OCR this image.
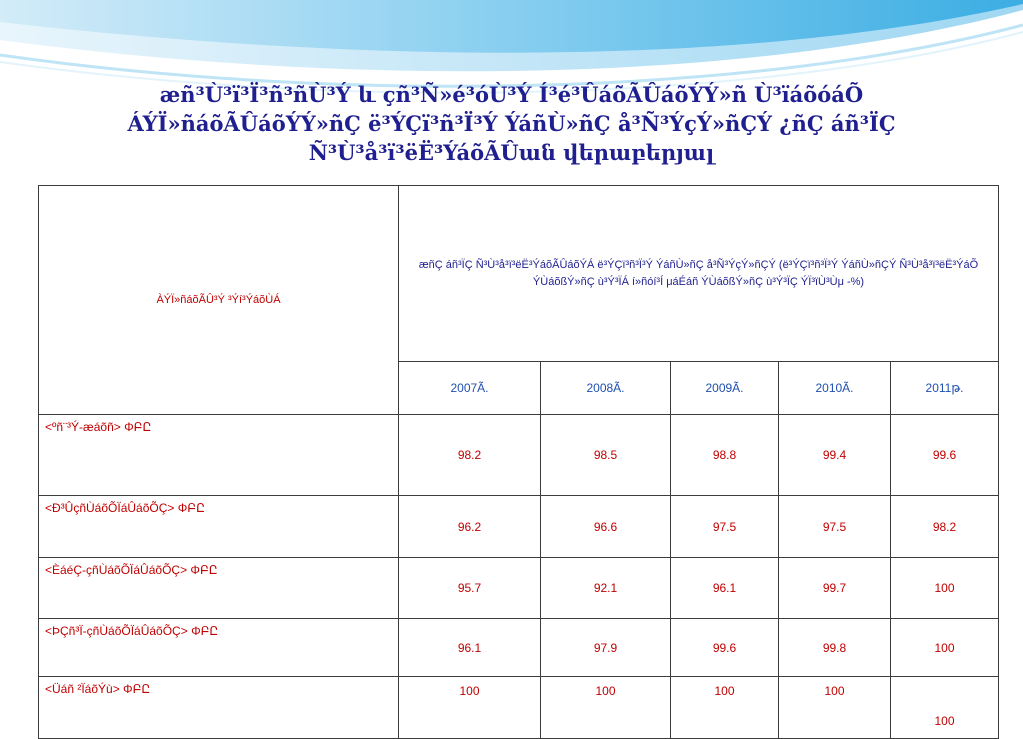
æñ³Ù³ï³Ï³ñ³ñÙ³Ý և çñ³Ñ»é³óÙ³Ý Í³é³ÛáõÃÛáõÝÝ»ñ Ù³ïáõóáÕ
ÁÝÏ»ñáõÃÛáõÝÝ»ñÇ ë³ÝÇï³ñ³Ï³Ý ÝáñÙ»ñÇ å³Ñ³ÝçÝ»ñÇÝ ¿ñÇ áñ³ÏÇ
Ñ³Ù³å³ï³ëË³ÝáõÃÛան վերաբերյալ
ÀÝÏ»ñáõÃÛ³Ý ³Ýí³ÝáõÙÁ	æñÇ áñ³ÏÇ Ñ³Ù³å³ï³ëË³ÝáõÃÛáõÝÁ ë³ÝÇï³ñ³Ï³Ý ÝáñÙ»ñÇ å³Ñ³ÝçÝ»ñÇÝ (ë³ÝÇï³ñ³Ï³Ý ÝáñÙ»ñÇÝ Ñ³Ù³å³ï³ëË³ÝáÕ ÝÙáõßÝ»ñÇ ù³Ý³ÏÁ í»ñóí³Í μáÉáñ ÝÙáõßÝ»ñÇ ù³Ý³ÏÇ ÝÏ³ïÙ³Ùμ -%)				
	2007Ã.	2008Ã.	2009Ã.	2010Ã.	2011թ.
<ºñ¨³Ý-æáõñ> ΦԲԸ	98.2	98.5	98.8	99.4	99.6
<Ð³ÛçñÙáõÕÏáÛáõÕÇ> ΦԲԸ	96.2	96.6	97.5	97.5	98.2
<ÈáéÇ-çñÙáõÕÏáÛáõÕÇ> ΦԲԸ	95.7	92.1	96.1	99.7	100
<ÞÇñ³Ï-çñÙáõÕÏáÛáõÕÇ> ΦԲԸ	96.1	97.9	99.6	99.8	100
<Üáñ ²ÏáõÝù> ΦԲԸ	100	100	100	100	100
